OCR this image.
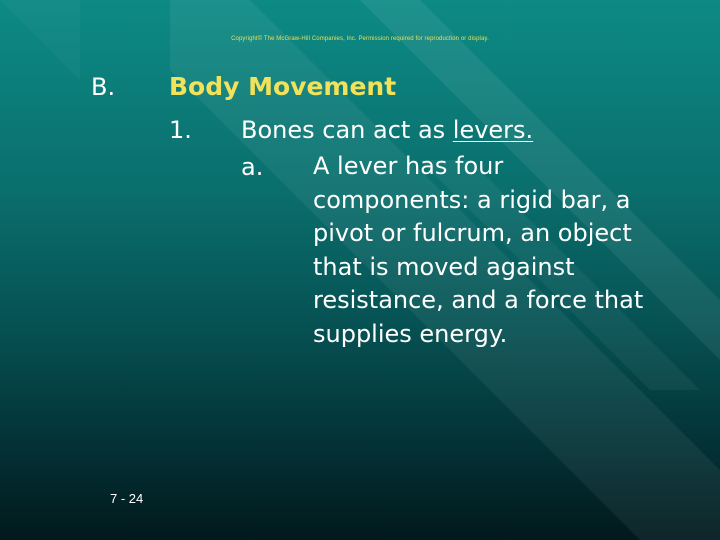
Copyright© The McGraw-Hill Companies, Inc. Permission required for reproduction or display.
B. Body Movement
1. Bones can act as levers.
a. A lever has four components: a rigid bar, a pivot or fulcrum, an object that is moved against resistance, and a force that supplies energy.
7 - 24
